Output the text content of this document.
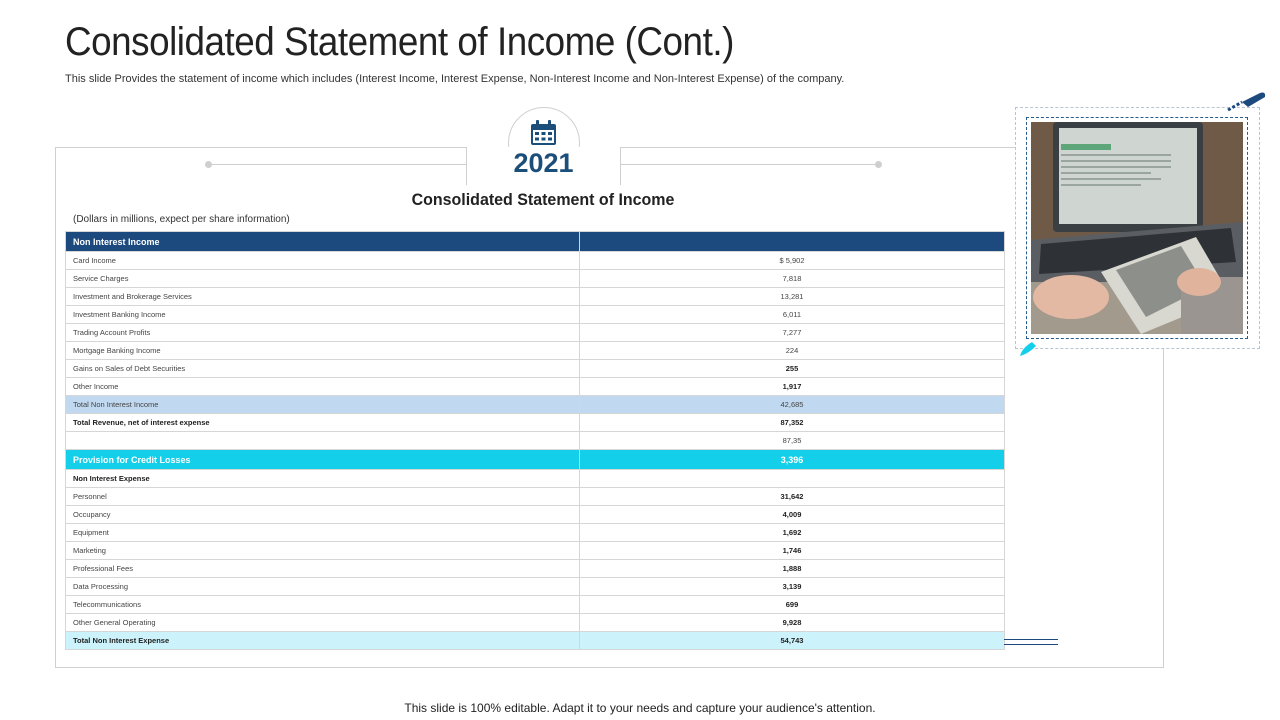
Consolidated Statement of Income (Cont.)
This slide Provides the statement of income which includes (Interest Income, Interest Expense, Non-Interest Income and Non-Interest Expense) of the company.
2021
Consolidated Statement of Income
(Dollars in millions, expect per share information)
Non Interest Income	
Card Income	$ 5,902
Service Charges	7,818
Investment and Brokerage Services	13,281
Investment Banking Income	6,011
Trading Account Profits	7,277
Mortgage Banking Income	224
Gains on Sales of Debt Securities	255
Other Income	1,917
Total Non Interest Income	42,685
Total Revenue, net of interest expense	87,352
	87,35
Provision for Credit Losses	3,396
Non Interest Expense	
Personnel	31,642
Occupancy	4,009
Equipment	1,692
Marketing	1,746
Professional Fees	1,888
Data Processing	3,139
Telecommunications	699
Other General Operating	9,928
Total Non Interest Expense	54,743
This slide is 100% editable. Adapt it to your needs and capture your audience's attention.
